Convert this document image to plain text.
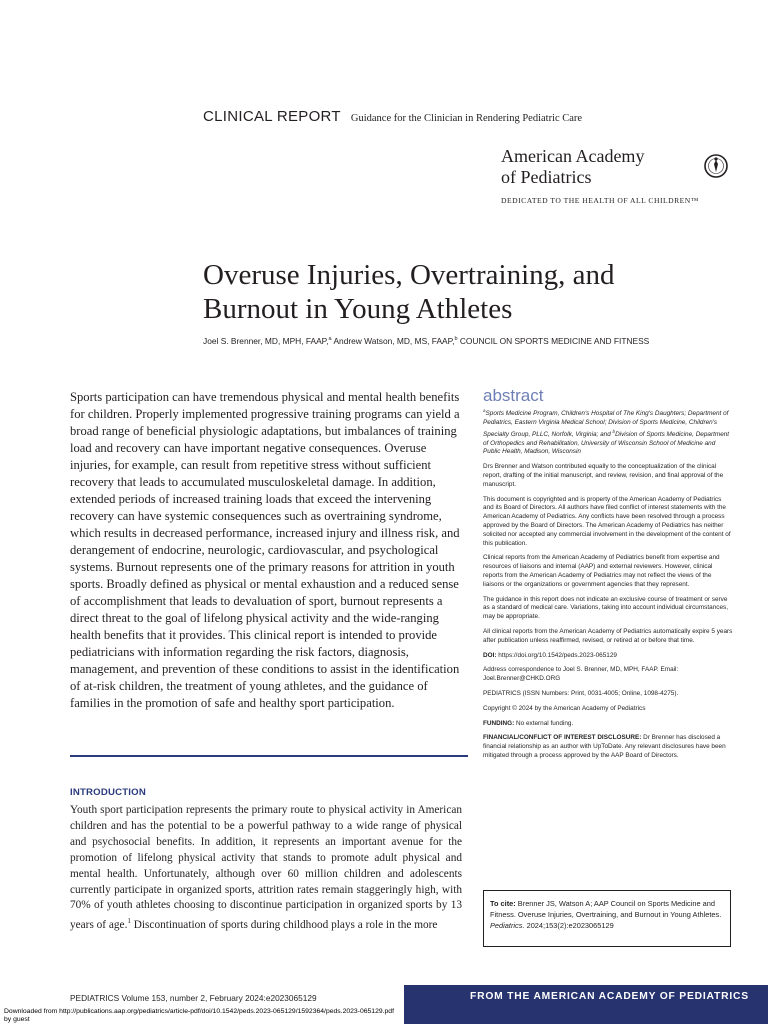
CLINICAL REPORT Guidance for the Clinician in Rendering Pediatric Care
American Academy
of Pediatrics
DEDICATED TO THE HEALTH OF ALL CHILDREN™
Overuse Injuries, Overtraining, and
Burnout in Young Athletes
Joel S. Brenner, MD, MPH, FAAP,$^a$ Andrew Watson, MD, MS, FAAP,$^b$ COUNCIL ON SPORTS MEDICINE AND FITNESS
Sports participation can have tremendous physical and mental health benefits for children. Properly implemented progressive training programs can yield a broad range of beneficial physiologic adaptations, but imbalances of training load and recovery can have important negative consequences. Overuse injuries, for example, can result from repetitive stress without sufficient recovery that leads to accumulated musculoskeletal damage. In addition, extended periods of increased training loads that exceed the intervening recovery can have systemic consequences such as overtraining syndrome, which results in decreased performance, increased injury and illness risk, and derangement of endocrine, neurologic, cardiovascular, and psychological systems. Burnout represents one of the primary reasons for attrition in youth sports. Broadly defined as physical or mental exhaustion and a reduced sense of accomplishment that leads to devaluation of sport, burnout represents a direct threat to the goal of lifelong physical activity and the wide-ranging health benefits that it provides. This clinical report is intended to provide pediatricians with information regarding the risk factors, diagnosis, management, and prevention of these conditions to assist in the identification of at-risk children, the treatment of young athletes, and the guidance of families in the promotion of safe and healthy sport participation.
INTRODUCTION
Youth sport participation represents the primary route to physical activity in American children and has the potential to be a powerful pathway to a wide range of physical and psychosocial benefits. In addition, it represents an important avenue for the promotion of lifelong physical activity that stands to promote adult physical and mental health. Unfortunately, although over 60 million children and adolescents currently participate in organized sports, attrition rates remain staggeringly high, with 70% of youth athletes choosing to discontinue participation in organized sports by 13 years of age.$^1$ Discontinuation of sports during childhood plays a role in the more
abstract

$^a$Sports Medicine Program, Children's Hospital of The King's Daughters; Department of Pediatrics, Eastern Virginia Medical School; Division of Sports Medicine, Children's Specialty Group, PLLC, Norfolk, Virginia; and $^b$Division of Sports Medicine, Department of Orthopedics and Rehabilitation, University of Wisconsin School of Medicine and Public Health, Madison, Wisconsin

Drs Brenner and Watson contributed equally to the conceptualization of the clinical report, drafting of the initial manuscript, and review, revision, and final approval of the manuscript.

This document is copyrighted and is property of the American Academy of Pediatrics and its Board of Directors. All authors have filed conflict of interest statements with the American Academy of Pediatrics. Any conflicts have been resolved through a process approved by the Board of Directors. The American Academy of Pediatrics has neither solicited nor accepted any commercial involvement in the development of the content of this publication.

Clinical reports from the American Academy of Pediatrics benefit from expertise and resources of liaisons and internal (AAP) and external reviewers. However, clinical reports from the American Academy of Pediatrics may not reflect the views of the liaisons or the organizations or government agencies that they represent.

The guidance in this report does not indicate an exclusive course of treatment or serve as a standard of medical care. Variations, taking into account individual circumstances, may be appropriate.

All clinical reports from the American Academy of Pediatrics automatically expire 5 years after publication unless reaffirmed, revised, or retired at or before that time.

DOI: https://doi.org/10.1542/peds.2023-065129

Address correspondence to Joel S. Brenner, MD, MPH, FAAP. Email: Joel.Brenner@CHKD.ORG

PEDIATRICS (ISSN Numbers: Print, 0031-4005; Online, 1098-4275).

Copyright © 2024 by the American Academy of Pediatrics

FUNDING: No external funding.

FINANCIAL/CONFLICT OF INTEREST DISCLOSURE: Dr Brenner has disclosed a financial relationship as an author with UpToDate. Any relevant disclosures have been mitigated through a process approved by the AAP Board of Directors.

To cite: Brenner JS, Watson A; AAP Council on Sports Medicine and Fitness. Overuse Injuries, Overtraining, and Burnout in Young Athletes. Pediatrics. 2024;153(2):e2023065129
PEDIATRICS Volume 153, number 2, February 2024:e2023065129	FROM THE AMERICAN ACADEMY OF PEDIATRICS
Downloaded from http://publications.aap.org/pediatrics/article-pdf/doi/10.1542/peds.2023-065129/1592364/peds.2023-065129.pdf
by guest
